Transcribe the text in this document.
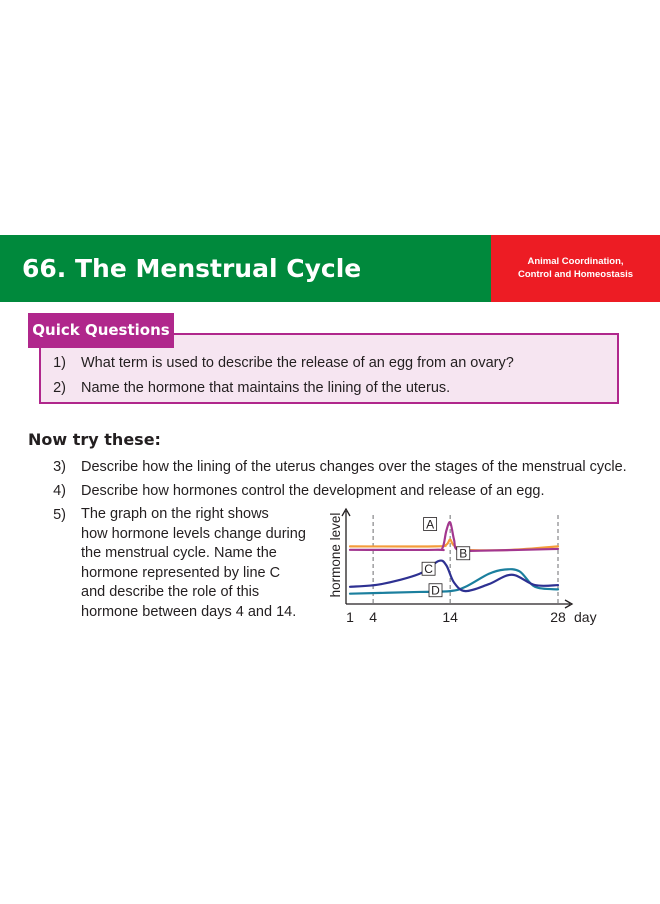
66. The Menstrual Cycle	Animal Coordination,
Control and Homeostasis
Quick Questions
1) What term is used to describe the release of an egg from an ovary?
2) Name the hormone that maintains the lining of the uterus.
Now try these:
3) Describe how the lining of the uterus changes over the stages of the menstrual cycle.
4) Describe how hormones control the development and release of an egg.
5) The graph on the right shows
how hormone levels change during
the menstrual cycle. Name the
hormone represented by line C
and describe the role of this
hormone between days 4 and 14.
hormone level
day
1 4	14	28
A
B
C
D
